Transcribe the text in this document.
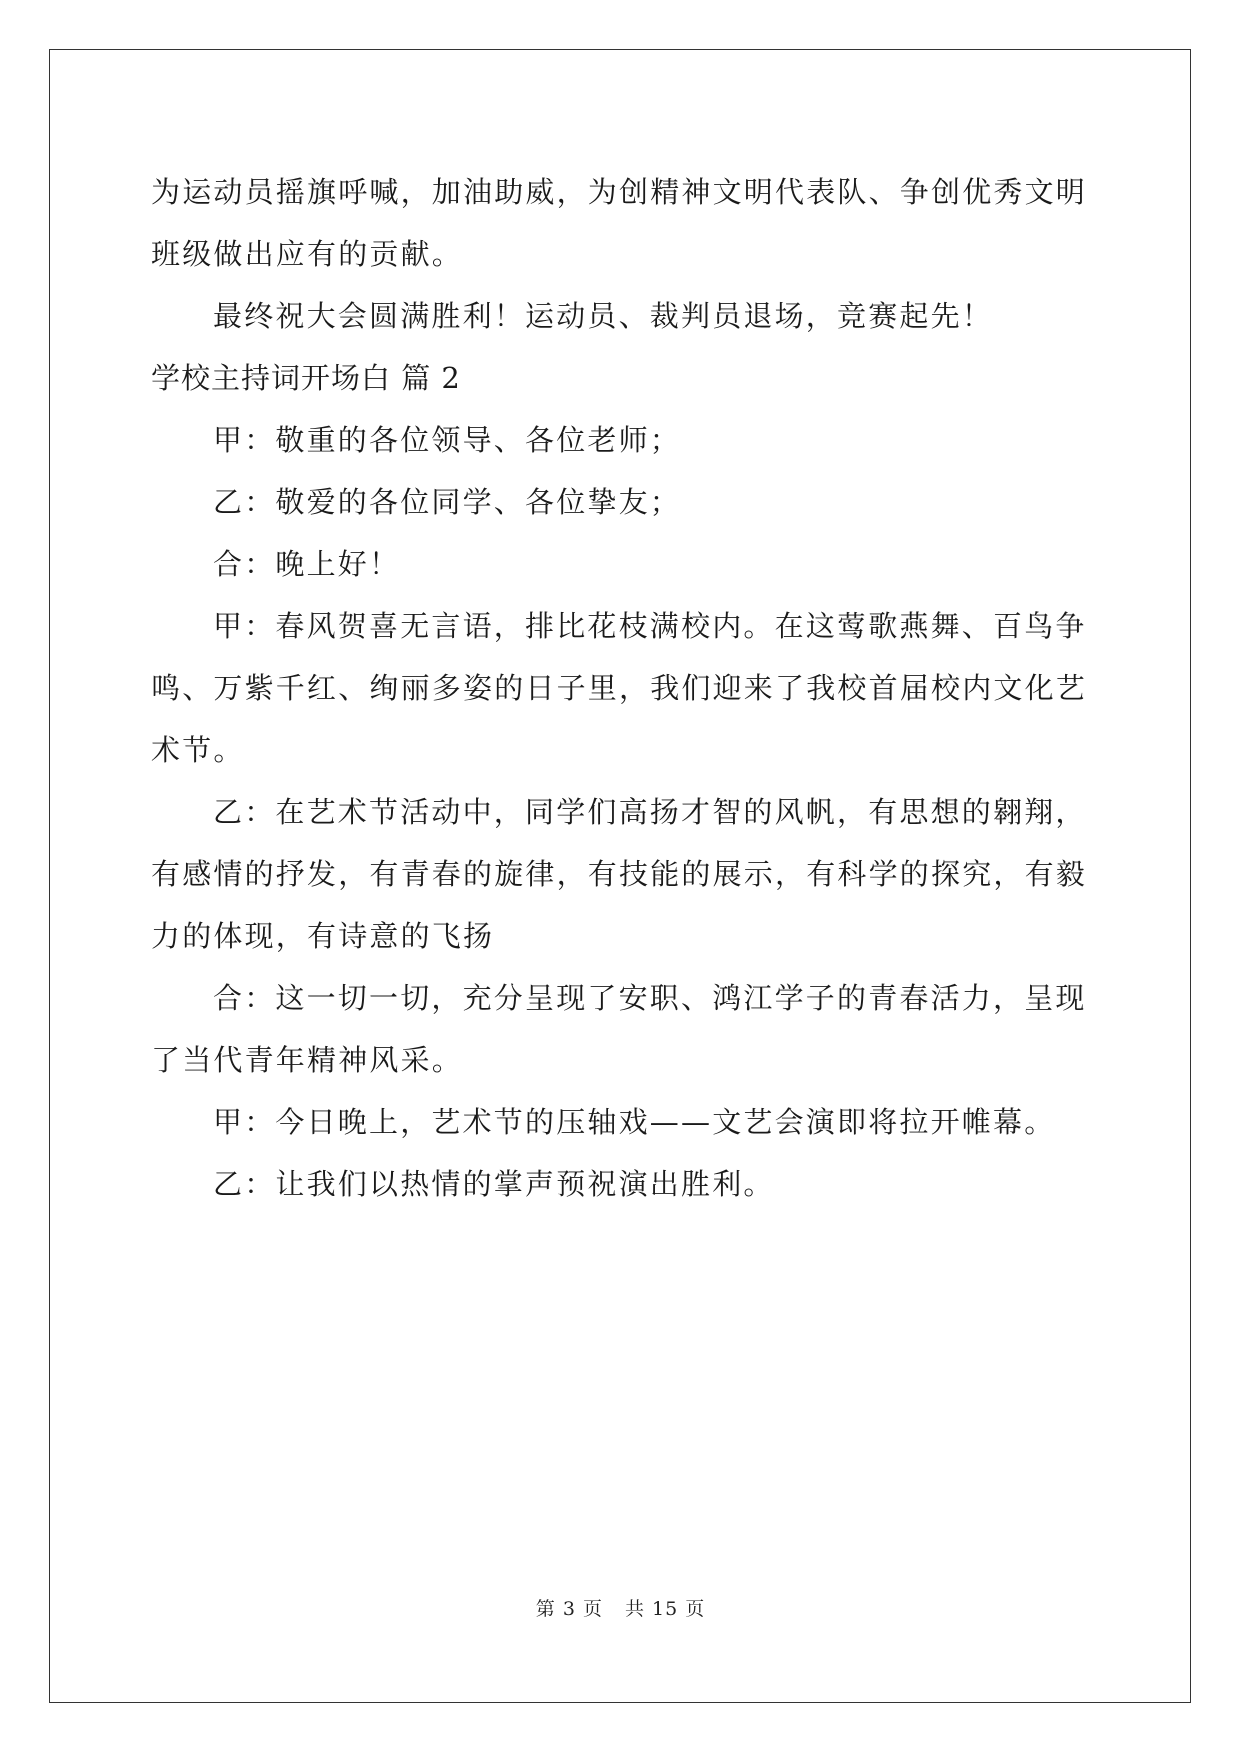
为运动员摇旗呼喊，加油助威，为创精神文明代表队、争创优秀文明

班级做出应有的贡献。

最终祝大会圆满胜利！运动员、裁判员退场，竞赛起先！

学校主持词开场白 篇 2

甲：敬重的各位领导、各位老师；

乙：敬爱的各位同学、各位挚友；

合：晚上好！

甲：春风贺喜无言语，排比花枝满校内。在这莺歌燕舞、百鸟争

鸣、万紫千红、绚丽多姿的日子里，我们迎来了我校首届校内文化艺

术节。

乙：在艺术节活动中，同学们高扬才智的风帆，有思想的翱翔，

有感情的抒发，有青春的旋律，有技能的展示，有科学的探究，有毅

力的体现，有诗意的飞扬

合：这一切一切，充分呈现了安职、鸿江学子的青春活力，呈现

了当代青年精神风采。

甲：今日晚上，艺术节的压轴戏——文艺会演即将拉开帷幕。

乙：让我们以热情的掌声预祝演出胜利。

第 3 页 共 15 页
